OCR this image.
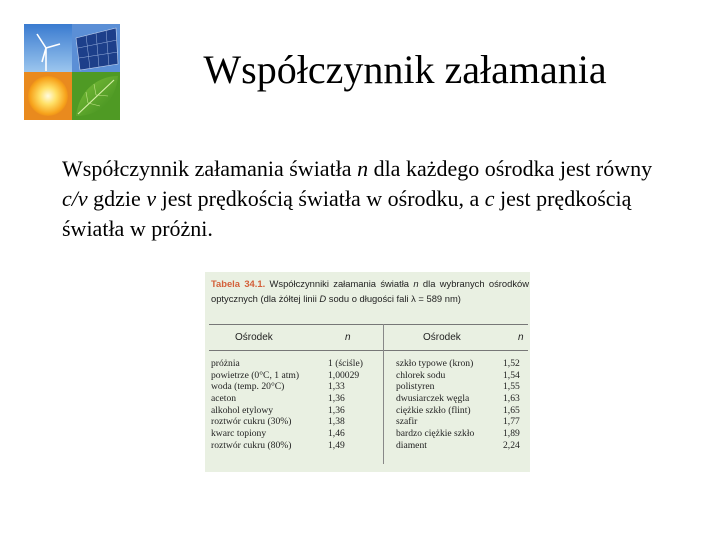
Współczynnik załamania
Współczynnik załamania światła n dla każdego ośrodka jest równy c/v gdzie v jest prędkością światła w ośrodku, a c jest prędkością światła w próżni.
Tabela 34.1. Współczynniki załamania światła n dla wybranych ośrodków optycznych (dla żółtej linii D sodu o długości fali λ = 589 nm)
Ośrodek	n	Ośrodek	n
próżnia	1 (ściśle)	szkło typowe (kron)	1,52
powietrze (0°C, 1 atm)	1,00029	chlorek sodu	1,54
woda (temp. 20°C)	1,33	polistyren	1,55
aceton	1,36	dwusiarczek węgla	1,63
alkohol etylowy	1,36	ciężkie szkło (flint)	1,65
roztwór cukru (30%)	1,38	szafir	1,77
kwarc topiony	1,46	bardzo ciężkie szkło	1,89
roztwór cukru (80%)	1,49	diament	2,24
